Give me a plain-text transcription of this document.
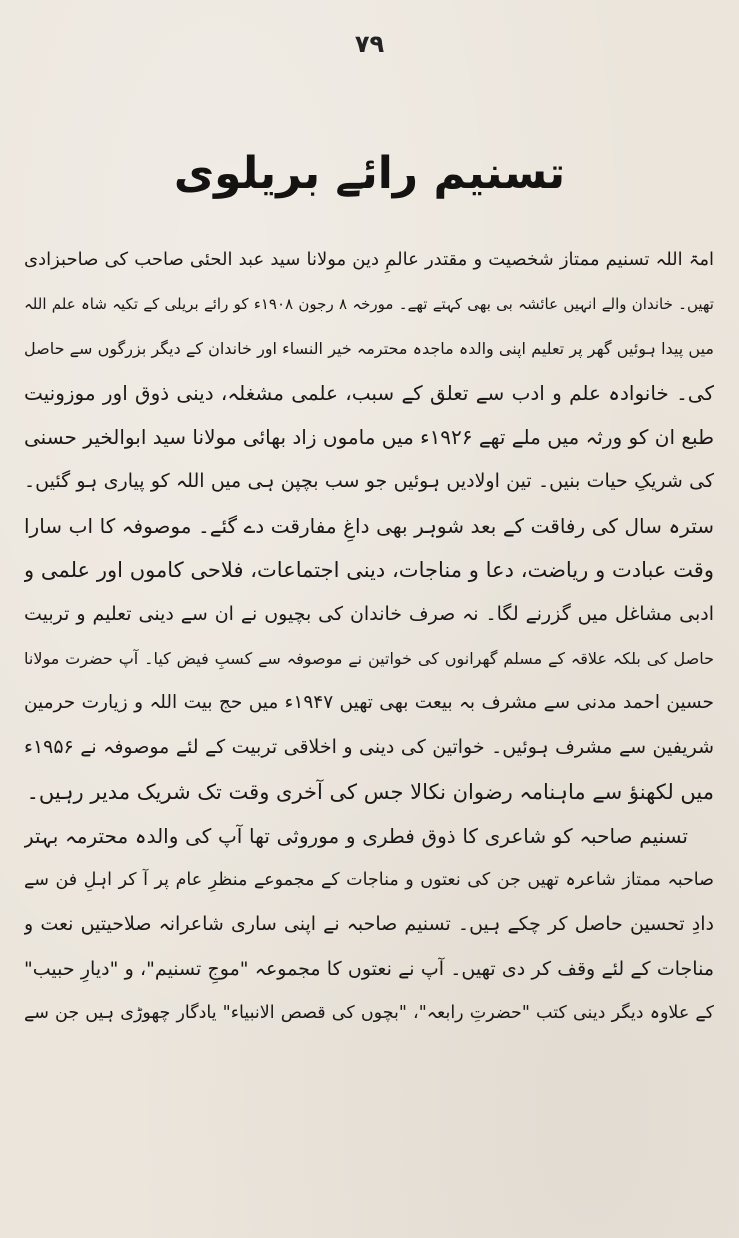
۷۹
تسنیم رائے بریلوی
امۃ اللہ تسنیم ممتاز شخصیت و مقتدر عالمِ دین مولانا سید عبد الحئی صاحب کی صاحبزادی
تھیں۔ خاندان والے انہیں عائشہ بی بھی کہتے تھے۔ مورخہ ۸ رجون ۱۹۰۸ء کو رائے بریلی کے تکیہ شاہ علم اللہ
میں پیدا ہوئیں گھر پر تعلیم اپنی والدہ ماجدہ محترمہ خیر النساء اور خاندان کے دیگر بزرگوں سے حاصل
کی۔ خانوادہ علم و ادب سے تعلق کے سبب، علمی مشغلہ، دینی ذوق اور موزونیت
طبع ان کو ورثہ میں ملے تھے ۱۹۲۶ء میں ماموں زاد بھائی مولانا سید ابوالخیر حسنی
کی شریکِ حیات بنیں۔ تین اولادیں ہوئیں جو سب بچپن ہی میں اللہ کو پیاری ہو گئیں۔
سترہ سال کی رفاقت کے بعد شوہر بھی داغِ مفارقت دے گئے۔ موصوفہ کا اب سارا
وقت عبادت و ریاضت، دعا و مناجات، دینی اجتماعات، فلاحی کاموں اور علمی و
ادبی مشاغل میں گزرنے لگا۔ نہ صرف خاندان کی بچیوں نے ان سے دینی تعلیم و تربیت
حاصل کی بلکہ علاقہ کے مسلم گھرانوں کی خواتین نے موصوفہ سے کسبِ فیض کیا۔ آپ حضرت مولانا
حسین احمد مدنی سے مشرف بہ بیعت بھی تھیں ۱۹۴۷ء میں حج بیت اللہ و زیارت حرمین
شریفین سے مشرف ہوئیں۔ خواتین کی دینی و اخلاقی تربیت کے لئے موصوفہ نے ۱۹۵۶ء
میں لکھنؤ سے ماہنامہ رضوان نکالا جس کی آخری وقت تک شریک مدیر رہیں۔
تسنیم صاحبہ کو شاعری کا ذوق فطری و موروثی تھا آپ کی والدہ محترمہ بہتر
صاحبہ ممتاز شاعرہ تھیں جن کی نعتوں و مناجات کے مجموعے منظرِ عام پر آ کر اہلِ فن سے
دادِ تحسین حاصل کر چکے ہیں۔ تسنیم صاحبہ نے اپنی ساری شاعرانہ صلاحیتیں نعت و
مناجات کے لئے وقف کر دی تھیں۔ آپ نے نعتوں کا مجموعہ "موجِ تسنیم"، و "دیارِ حبیب"
کے علاوہ دیگر دینی کتب "حضرتِ رابعہ"، "بچوں کی قصص الانبیاء" یادگار چھوڑی ہیں جن سے
